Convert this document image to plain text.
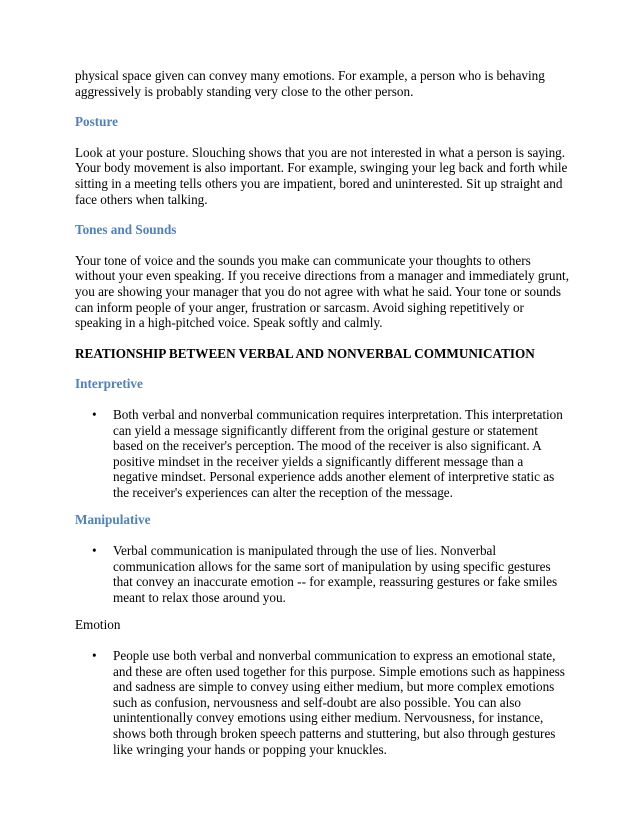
physical space given can convey many emotions. For example, a person who is behaving aggressively is probably standing very close to the other person.

Posture

Look at your posture. Slouching shows that you are not interested in what a person is saying. Your body movement is also important. For example, swinging your leg back and forth while sitting in a meeting tells others you are impatient, bored and uninterested. Sit up straight and face others when talking.

Tones and Sounds

Your tone of voice and the sounds you make can communicate your thoughts to others without your even speaking. If you receive directions from a manager and immediately grunt, you are showing your manager that you do not agree with what he said. Your tone or sounds can inform people of your anger, frustration or sarcasm. Avoid sighing repetitively or speaking in a high-pitched voice. Speak softly and calmly.

REATIONSHIP BETWEEN VERBAL AND NONVERBAL COMMUNICATION
Interpretive
• Both verbal and nonverbal communication requires interpretation. This interpretation can yield a message significantly different from the original gesture or statement based on the receiver's perception. The mood of the receiver is also significant. A positive mindset in the receiver yields a significantly different message than a negative mindset. Personal experience adds another element of interpretive static as the receiver's experiences can alter the reception of the message.
Manipulative
• Verbal communication is manipulated through the use of lies. Nonverbal communication allows for the same sort of manipulation by using specific gestures that convey an inaccurate emotion -- for example, reassuring gestures or fake smiles meant to relax those around you.

Emotion

• People use both verbal and nonverbal communication to express an emotional state, and these are often used together for this purpose. Simple emotions such as happiness and sadness are simple to convey using either medium, but more complex emotions such as confusion, nervousness and self-doubt are also possible. You can also unintentionally convey emotions using either medium. Nervousness, for instance, shows both through broken speech patterns and stuttering, but also through gestures like wringing your hands or popping your knuckles.
